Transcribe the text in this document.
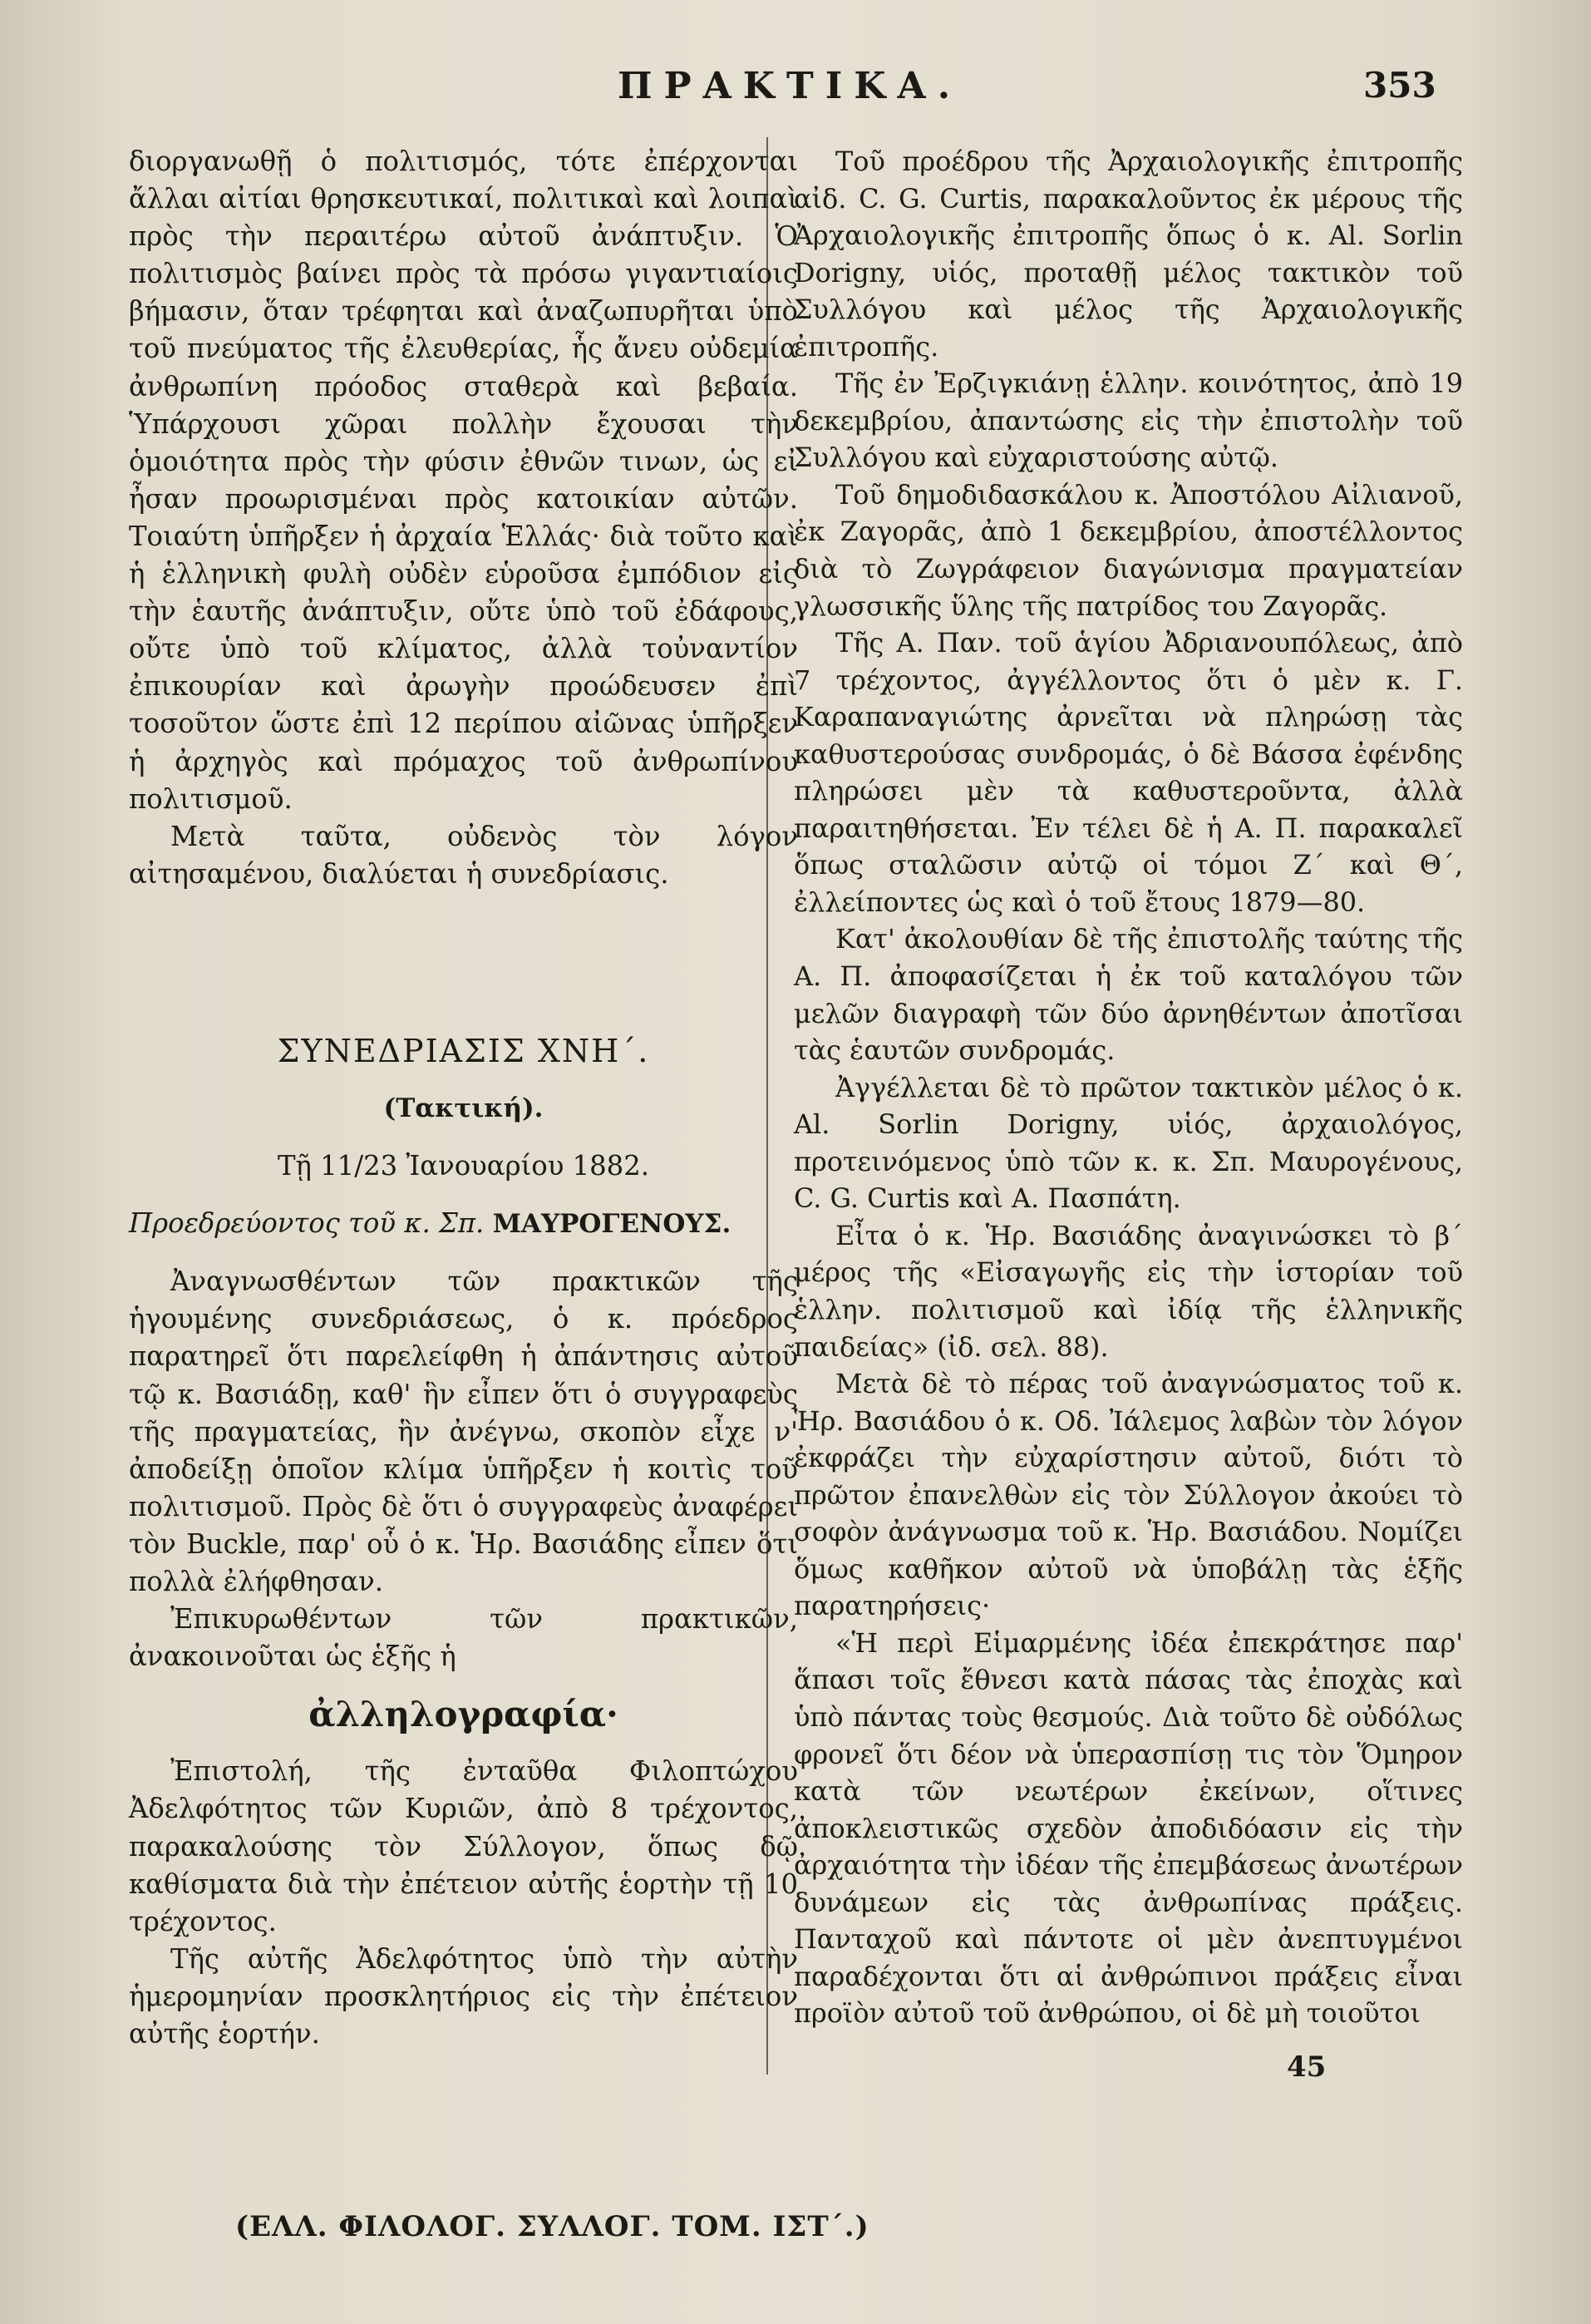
ΠΡΑΚΤΙΚΑ.	353

διοργανωθῇ ὁ πολιτισμός, τότε ἐπέρχονται ἄλλαι αἰτίαι θρησκευτικαί, πολιτικαὶ καὶ λοιπαὶ πρὸς τὴν περαιτέρω αὐτοῦ ἀνάπτυξιν. Ὁ πολιτισμὸς βαίνει πρὸς τὰ πρόσω γιγαντιαίοις βήμασιν, ὅταν τρέφηται καὶ ἀναζωπυρῆται ὑπὸ τοῦ πνεύματος τῆς ἐλευθερίας, ἧς ἄνευ οὐδεμία ἀνθρωπίνη πρόοδος σταθερὰ καὶ βεβαία. Ὑπάρχουσι χῶραι πολλὴν ἔχουσαι τὴν ὁμοιότητα πρὸς τὴν φύσιν ἐθνῶν τινων, ὡς εἰ ἦσαν προωρισμέναι πρὸς κατοικίαν αὐτῶν. Τοιαύτη ὑπῆρξεν ἡ ἀρχαία Ἑλλάς· διὰ τοῦτο καὶ ἡ ἑλληνικὴ φυλὴ οὐδὲν εὑροῦσα ἐμπόδιον εἰς τὴν ἑαυτῆς ἀνάπτυξιν, οὔτε ὑπὸ τοῦ ἐδάφους, οὔτε ὑπὸ τοῦ κλίματος, ἀλλὰ τοὐναντίον ἐπικουρίαν καὶ ἀρωγὴν προώδευσεν ἐπὶ τοσοῦτον ὥστε ἐπὶ 12 περίπου αἰῶνας ὑπῆρξεν ἡ ἀρχηγὸς καὶ πρόμαχος τοῦ ἀνθρωπίνου πολιτισμοῦ.

Μετὰ ταῦτα, οὐδενὸς τὸν λόγον αἰτησαμένου, διαλύεται ἡ συνεδρίασις.

ΣΥΝΕΔΡΙΑΣΙΣ ΧΝΗ΄.

(Τακτική).

Τῇ 11/23 Ἰανουαρίου 1882.

Προεδρεύοντος τοῦ κ. Σπ. ΜΑΥΡΟΓΕΝΟΥΣ.

Ἀναγνωσθέντων τῶν πρακτικῶν τῆς ἡγουμένης συνεδριάσεως, ὁ κ. πρόεδρος παρατηρεῖ ὅτι παρελείφθη ἡ ἀπάντησις αὐτοῦ τῷ κ. Βασιάδῃ, καθ' ἣν εἶπεν ὅτι ὁ συγγραφεὺς τῆς πραγματείας, ἣν ἀνέγνω, σκοπὸν εἶχε ν' ἀποδείξῃ ὁποῖον κλίμα ὑπῆρξεν ἡ κοιτὶς τοῦ πολιτισμοῦ. Πρὸς δὲ ὅτι ὁ συγγραφεὺς ἀναφέρει τὸν Buckle, παρ' οὗ ὁ κ. Ἡρ. Βασιάδης εἶπεν ὅτι πολλὰ ἐλήφθησαν.

Ἐπικυρωθέντων τῶν πρακτικῶν, ἀνακοινοῦται ὡς ἑξῆς ἡ

ἀλληλογραφία·

Ἐπιστολή, τῆς ἐνταῦθα Φιλοπτώχου Ἀδελφότητος τῶν Κυριῶν, ἀπὸ 8 τρέχοντος, παρακαλούσης τὸν Σύλλογον, ὅπως δῷ καθίσματα διὰ τὴν ἐπέτειον αὐτῆς ἑορτὴν τῇ 10 τρέχοντος.

Τῆς αὐτῆς Ἀδελφότητος ὑπὸ τὴν αὐτὴν ἡμερομηνίαν προσκλητήριος εἰς τὴν ἐπέτειον αὐτῆς ἑορτήν.

Τοῦ προέδρου τῆς Ἀρχαιολογικῆς ἐπιτροπῆς αἰδ. C. G. Curtis, παρακαλοῦντος ἐκ μέρους τῆς Ἀρχαιολογικῆς ἐπιτροπῆς ὅπως ὁ κ. Al. Sorlin Dorigny, υἱός, προταθῇ μέλος τακτικὸν τοῦ Συλλόγου καὶ μέλος τῆς Ἀρχαιολογικῆς ἐπιτροπῆς.

Τῆς ἐν Ἐρζιγκιάνῃ ἑλλην. κοινότητος, ἀπὸ 19 δεκεμβρίου, ἀπαντώσης εἰς τὴν ἐπιστολὴν τοῦ Συλλόγου καὶ εὐχαριστούσης αὐτῷ.

Τοῦ δημοδιδασκάλου κ. Ἀποστόλου Αἰλιανοῦ, ἐκ Ζαγορᾶς, ἀπὸ 1 δεκεμβρίου, ἀποστέλλοντος διὰ τὸ Ζωγράφειον διαγώνισμα πραγματείαν γλωσσικῆς ὕλης τῆς πατρίδος του Ζαγορᾶς.

Τῆς Α. Παν. τοῦ ἁγίου Ἀδριανουπόλεως, ἀπὸ 7 τρέχοντος, ἀγγέλλοντος ὅτι ὁ μὲν κ. Γ. Καραπαναγιώτης ἀρνεῖται νὰ πληρώσῃ τὰς καθυστερούσας συνδρομάς, ὁ δὲ Βάσσα ἐφένδης πληρώσει μὲν τὰ καθυστεροῦντα, ἀλλὰ παραιτηθήσεται. Ἐν τέλει δὲ ἡ Α. Π. παρακαλεῖ ὅπως σταλῶσιν αὐτῷ οἱ τόμοι Ζ΄ καὶ Θ΄, ἐλλείποντες ὡς καὶ ὁ τοῦ ἔτους 1879—80.

Κατ' ἀκολουθίαν δὲ τῆς ἐπιστολῆς ταύτης τῆς Α. Π. ἀποφασίζεται ἡ ἐκ τοῦ καταλόγου τῶν μελῶν διαγραφὴ τῶν δύο ἀρνηθέντων ἀποτῖσαι τὰς ἑαυτῶν συνδρομάς.

Ἀγγέλλεται δὲ τὸ πρῶτον τακτικὸν μέλος ὁ κ. Al. Sorlin Dorigny, υἱός, ἀρχαιολόγος, προτεινόμενος ὑπὸ τῶν κ. κ. Σπ. Μαυρογένους, C. G. Curtis καὶ Α. Πασπάτη.

Εἶτα ὁ κ. Ἡρ. Βασιάδης ἀναγινώσκει τὸ β΄ μέρος τῆς «Εἰσαγωγῆς εἰς τὴν ἱστορίαν τοῦ ἑλλην. πολιτισμοῦ καὶ ἰδίᾳ τῆς ἑλληνικῆς παιδείας» (ἰδ. σελ. 88).

Μετὰ δὲ τὸ πέρας τοῦ ἀναγνώσματος τοῦ κ. Ἡρ. Βασιάδου ὁ κ. Οδ. Ἰάλεμος λαβὼν τὸν λόγον ἐκφράζει τὴν εὐχαρίστησιν αὐτοῦ, διότι τὸ πρῶτον ἐπανελθὼν εἰς τὸν Σύλλογον ἀκούει τὸ σοφὸν ἀνάγνωσμα τοῦ κ. Ἡρ. Βασιάδου. Νομίζει ὅμως καθῆκον αὐτοῦ νὰ ὑποβάλῃ τὰς ἑξῆς παρατηρήσεις·

«Ἡ περὶ Εἱμαρμένης ἰδέα ἐπεκράτησε παρ' ἅπασι τοῖς ἔθνεσι κατὰ πάσας τὰς ἐποχὰς καὶ ὑπὸ πάντας τοὺς θεσμούς. Διὰ τοῦτο δὲ οὐδόλως φρονεῖ ὅτι δέον νὰ ὑπερασπίσῃ τις τὸν Ὅμηρον κατὰ τῶν νεωτέρων ἐκείνων, οἵτινες ἀποκλειστικῶς σχεδὸν ἀποδιδόασιν εἰς τὴν ἀρχαιότητα τὴν ἰδέαν τῆς ἐπεμβάσεως ἀνωτέρων δυνάμεων εἰς τὰς ἀνθρωπίνας πράξεις. Πανταχοῦ καὶ πάντοτε οἱ μὲν ἀνεπτυγμένοι παραδέχονται ὅτι αἱ ἀνθρώπινοι πράξεις εἶναι προϊὸν αὐτοῦ τοῦ ἀνθρώπου, οἱ δὲ μὴ τοιοῦτοι

45
(ΕΛΛ. ΦΙΛΟΛΟΓ. ΣΥΛΛΟΓ. ΤΟΜ. ΙΣΤ΄.)
